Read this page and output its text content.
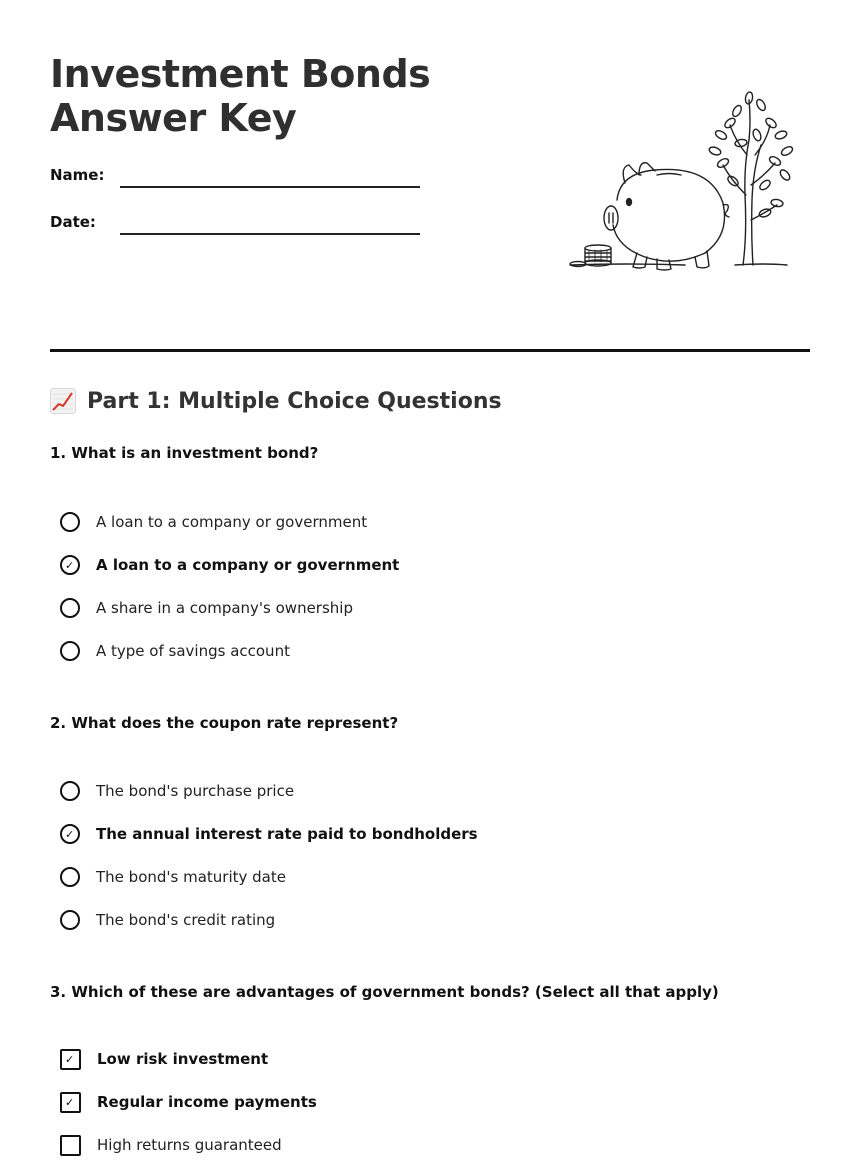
Investment Bonds
Answer Key
Name:
Date:
Part 1: Multiple Choice Questions

1. What is an investment bond?

A loan to a company or government
✓ A loan to a company or government
A share in a company's ownership
A type of savings account

2. What does the coupon rate represent?

The bond's purchase price
✓ The annual interest rate paid to bondholders
The bond's maturity date
The bond's credit rating

3. Which of these are advantages of government bonds? (Select all that apply)

✓ Low risk investment
✓ Regular income payments
High returns guaranteed
